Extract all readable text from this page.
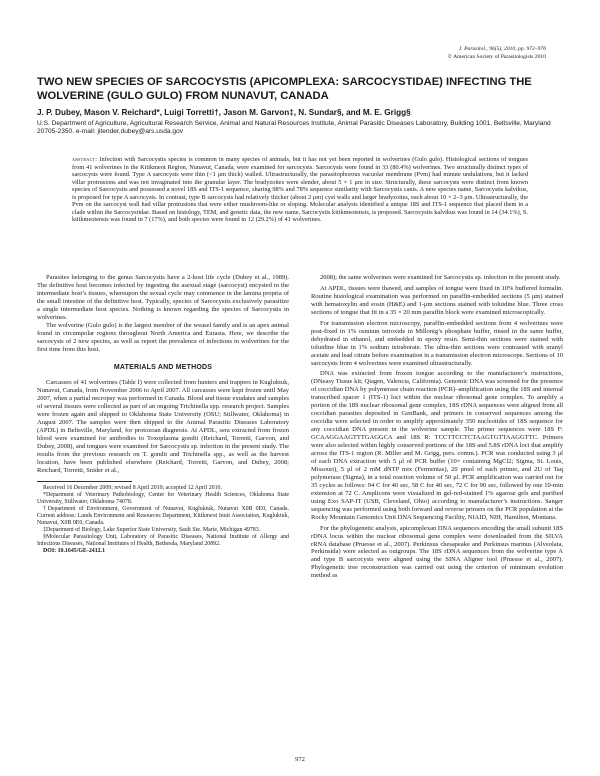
J. Parasitol., 96(5), 2010, pp. 972–976
© American Society of Parasitologists 2010
TWO NEW SPECIES OF SARCOCYSTIS (APICOMPLEXA: SARCOCYSTIDAE) INFECTING THE WOLVERINE (GULO GULO) FROM NUNAVUT, CANADA

J. P. Dubey, Mason V. Reichard*, Luigi Torretti†, Jason M. Garvon‡, N. Sundar§, and M. E. Grigg§

U.S. Department of Agriculture, Agricultural Research Service, Animal and Natural Resources Institute, Animal Parasitic Diseases Laboratory, Building 1001, Beltsville, Maryland 20705-2350. e-mail: jitender.dubey@ars.usda.gov

abstract: Infection with Sarcocystis species is common in many species of animals, but it has not yet been reported in wolverines (Gulo gulo). Histological sections of tongues from 41 wolverines in the Kitikmeot Region, Nunavut, Canada, were examined for sarcocysts. Sarcocysts were found in 33 (80.4%) wolverines. Two structurally distinct types of sarcocysts were found. Type A sarcocysts were thin (<1 μm thick) walled. Ultrastructurally, the parasitophorous vacuolar membrane (Pvm) had minute undulations, but it lacked villar protrusions and was not invaginated into the granular layer. The bradyzoites were slender, about 5 × 1 μm in size. Structurally, these sarcocysts were distinct from known species of Sarcocystis and possessed a novel 18S and ITS-1 sequence, sharing 98% and 78% sequence similarity with Sarcocystis canis. A new species name, Sarcocystis kalvikus, is proposed for type A sarcocysts. In contrast, type B sarcocysts had relatively thicker (about 2 μm) cyst walls and larger bradyzoites, each about 10 × 2–3 μm. Ultrastructurally, the Pvm on the sarcocyst wall had villar protrusions that were either mushroom-like or sloping. Molecular analysis identified a unique 18S and ITS-1 sequence that placed them in a clade within the Sarcocystidae. Based on histology, TEM, and genetic data, the new name, Sarcocystis kitikmeotensis, is proposed. Sarcocystis kalvikus was found in 14 (34.1%), S. kitikmeotensis was found in 7 (17%), and both species were found in 12 (29.2%) of 41 wolverines.

Parasites belonging to the genus Sarcocystis have a 2-host life cycle (Dubey et al., 1989). The definitive host becomes infected by ingesting the asexual stage (sarcocyst) encysted in the intermediate host’s tissues, whereupon the sexual cycle may commence in the lamina propria of the small intestine of the definitive host. Typically, species of Sarcocystis exclusively parasitize a single intermediate host species. Nothing is known regarding the species of Sarcocystis in wolverines.

The wolverine (Gulo gulo) is the largest member of the weasel family and is an apex animal found in circumpolar regions throughout North America and Eurasia. Here, we describe the sarcocysts of 2 new species, as well as report the prevalence of infections in wolverines for the first time from this host.

MATERIALS AND METHODS

Carcasses of 41 wolverines (Table I) were collected from hunters and trappers in Kugluktuk, Nunavut, Canada, from November 2006 to April 2007. All carcasses were kept frozen until May 2007, when a partial necropsy was performed in Canada. Blood and tissue exudates and samples of several tissues were collected as part of an ongoing Trichinella spp. research project. Samples were frozen again and shipped to Oklahoma State University (OSU; Stillwater, Oklahoma) in August 2007. The samples were then shipped to the Animal Parasitic Diseases Laboratory (APDL) in Beltsville, Maryland, for protozoan diagnosis. At APDL, sera extracted from frozen blood were examined for antibodies to Toxoplasma gondii (Reichard, Torretti, Garvon, and Dubey, 2008), and tongues were examined for Sarcocystis sp. infection in the present study. The results from the previous research on T. gondii and Trichinella spp., as well as the harvest location, have been published elsewhere (Reichard, Torretti, Garvon, and Dubey, 2008; Reichard, Torretti, Snider et al.,

Received 16 December 2009; revised 8 April 2010; accepted 12 April 2010.

*Department of Veterinary Pathobiology, Center for Veterinary Health Sciences, Oklahoma State University, Stillwater, Oklahoma 74078.

†Department of Environment, Government of Nunavut, Kugluktuk, Nunavut X0B 0E0, Canada. Current address: Lands Environment and Resources Department, Kitikmeot Inuit Association, Kugluktuk, Nunavut, X0B 0E0, Canada.

‡Department of Biology, Lake Superior State University, Sault Ste. Marie, Michigan 49783.

§Molecular Parasitology Unit, Laboratory of Parasitic Diseases, National Institute of Allergy and Infectious Diseases, National Institutes of Health, Bethesda, Maryland 20892.

DOI: 10.1645/GE-2412.1

2008); the same wolverines were examined for Sarcocystis sp. infection in the present study.

At APDL, tissues were thawed, and samples of tongue were fixed in 10% buffered formalin. Routine histological examination was performed on paraffin-embedded sections (5 μm) stained with hematoxylin and eosin (H&E) and 1-μm sections stained with toluidine blue. Three cross sections of tongue that fit in a 35 × 20 mm paraffin block were examined microscopically.

For transmission electron microscopy, paraffin-embedded sections from 4 wolverines were post-fixed in 1% osmium tetroxide in Millonig’s phosphate buffer, rinsed in the same buffer, dehydrated in ethanol, and embedded in epoxy resin. Semi-thin sections were stained with toluidine blue in 1% sodium tetraborate. The ultra-thin sections were contrasted with uranyl acetate and lead citrate before examination in a transmission electron microscope. Sections of 10 sarcocysts from 4 wolverines were examined ultrastructurally.

DNA was extracted from frozen tongue according to the manufacturer’s instructions, (DNeasy Tissue kit; Qiagen, Valencia, California). Genomic DNA was screened for the presence of coccidian DNA by polymerase chain reaction (PCR)–amplification using the 18S and internal transcribed spacer 1 (ITS-1) loci within the nuclear ribosomal gene complex. To amplify a portion of the 18S nuclear ribosomal gene complex, 18S rDNA sequences were aligned from all coccidian parasites deposited in GenBank, and primers in conserved sequences among the coccidia were selected in order to amplify approximately 350 nucleotides of 18S sequence for any coccidian DNA present in the wolverine sample. The primer sequences were 18S F: GCAAGGAAGTTTGAGGCA and 18S R: TCCTTCCTCTAAGTGTTAAGGTTC. Primers were also selected within highly conserved portions of the 18S and 5.8S rDNA loci that amplify across the ITS-1 region (R. Miller and M. Grigg, pers. comm.). PCR was conducted using 3 μl of each DNA extraction with 5 μl of PCR buffer (10× containing MgCl2; Sigma, St. Louis, Missouri), 5 μl of 2 mM dNTP mix (Fermentas), 20 pmol of each primer, and 2U of Taq polymerase (Sigma), in a total reaction volume of 50 μl. PCR amplification was carried out for 35 cycles as follows: 94 C for 40 sec, 58 C for 40 sec, 72 C for 90 sec, followed by one 10-min extension at 72 C. Amplicons were visualized in gel-red-stained 1% agarose gels and purified using Exo SAP-IT (USB, Cleveland, Ohio) according to manufacturer’s instructions. Sanger sequencing was performed using both forward and reverse primers on the PCR population at the Rocky Mountain Genomics Unit DNA Sequencing Facility, NIAID, NIH, Hamilton, Montana.

For the phylogenetic analysis, apicomplexan DNA sequences encoding the small subunit 18S rDNA locus within the nuclear ribosomal gene complex were downloaded from the SILVA rRNA database (Pruesse et al., 2007). Perkinsus chesapeake and Perkinsus marinus (Alveolata, Perkinsida) were selected as outgroups. The 18S rDNA sequences from the wolverine type A and type B sarcocysts were aligned using the SINA Aligner tool (Pruesse et al., 2007). Phylogenetic tree reconstruction was carried out using the criterion of minimum evolution method as

972
